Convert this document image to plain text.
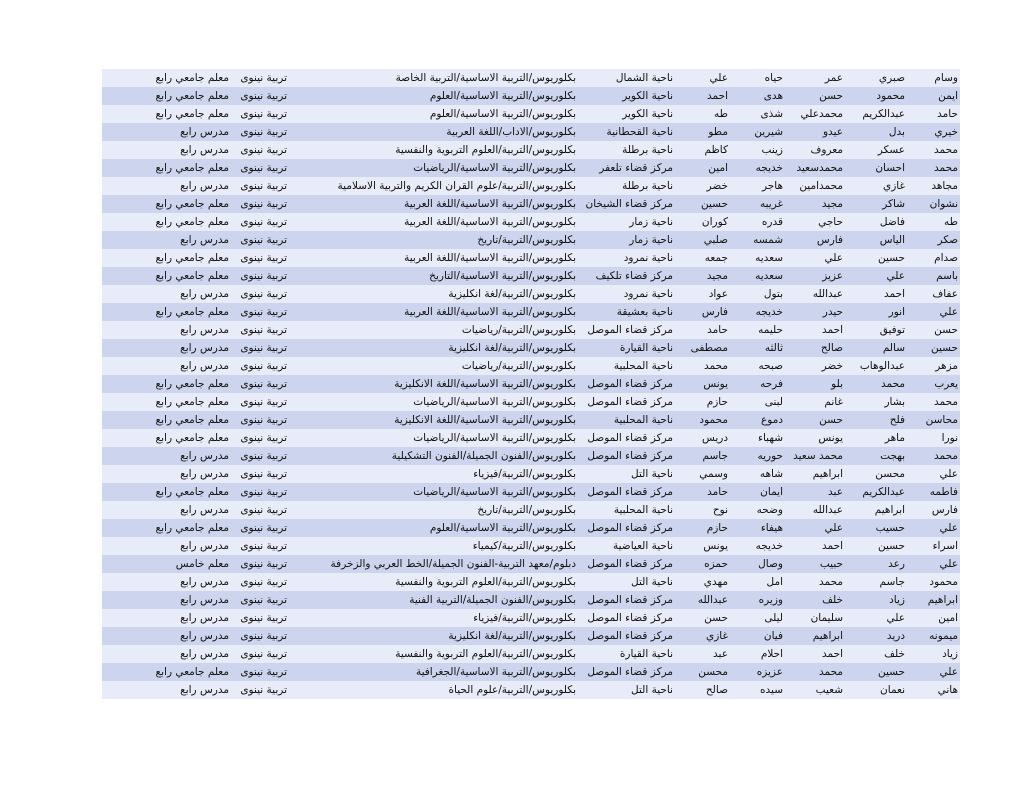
وسام
صبري
عمر
حياه
علي
ناحية الشمال
بكلوريوس/التربية الاساسية/التربية الخاصة
تربية نينوى
معلم جامعي رابع
ايمن
محمود
حسن
هدى
احمد
ناحية الكوير
بكلوريوس/التربية الاساسية/العلوم
تربية نينوى
معلم جامعي رابع
حامد
عبدالكريم
محمدعلي
شذى
طه
ناحية الكوير
بكلوريوس/التربية الاساسية/العلوم
تربية نينوى
معلم جامعي رابع
خيري
بدل
عيدو
شيرين
مطو
ناحية القحطانية
بكلوريوس/الاداب/اللغة العربية
تربية نينوى
مدرس رابع
محمد
عسكر
معروف
زينب
كاظم
ناحية برطلة
بكلوريوس/التربية/العلوم التربوية والنفسية
تربية نينوى
مدرس رابع
محمد
احسان
محمدسعيد
خديجه
امين
مركز قضاء تلعفر
بكلوريوس/التربية الاساسية/الرياضيات
تربية نينوى
معلم جامعي رابع
مجاهد
غازي
محمدامين
هاجر
خضر
ناحية برطلة
بكلوريوس/التربية/علوم القران الكريم والتربية الاسلامية
تربية نينوى
مدرس رابع
نشوان
شاكر
مجيد
غريبه
حسين
مركز قضاء الشيخان
بكلوريوس/التربية الاساسية/اللغة العربية
تربية نينوى
معلم جامعي رابع
طه
فاضل
حاجي
قدره
كوران
ناحية زمار
بكلوريوس/التربية الاساسية/اللغة العربية
تربية نينوى
معلم جامعي رابع
صكر
الياس
فارس
شمسه
صلبي
ناحية زمار
بكلوريوس/التربية/تاريخ
تربية نينوى
مدرس رابع
صدام
حسين
علي
سعديه
جمعه
ناحية نمرود
بكلوريوس/التربية الاساسية/اللغة العربية
تربية نينوى
معلم جامعي رابع
باسم
علي
عزيز
سعديه
مجيد
مركز قضاء تلكيف
بكلوريوس/التربية الاساسية/التاريخ
تربية نينوى
معلم جامعي رابع
عفاف
احمد
عبدالله
بتول
عواد
ناحية نمرود
بكلوريوس/التربية/لغة انكليزية
تربية نينوى
مدرس رابع
علي
انور
حيدر
خديجه
فارس
ناحية بعشيقة
بكلوريوس/التربية الاساسية/اللغة العربية
تربية نينوى
معلم جامعي رابع
حسن
توفيق
احمد
حليمه
حامد
مركز قضاء الموصل
بكلوريوس/التربية/رياضيات
تربية نينوى
مدرس رابع
حسين
سالم
صالح
ثالثه
مصطفى
ناحية القيارة
بكلوريوس/التربية/لغة انكليزية
تربية نينوى
مدرس رابع
مزهر
عبدالوهاب
خضر
صبحه
محمد
ناحية المحلبية
بكلوريوس/التربية/رياضيات
تربية نينوى
مدرس رابع
يعرب
محمد
بلو
فرحه
يونس
مركز قضاء الموصل
بكلوريوس/التربية الاساسية/اللغة الانكليزية
تربية نينوى
معلم جامعي رابع
محمد
بشار
غانم
لبنى
حازم
مركز قضاء الموصل
بكلوريوس/التربية الاساسية/الرياضيات
تربية نينوى
معلم جامعي رابع
محاسن
فلح
حسن
دموع
محمود
ناحية المحلبية
بكلوريوس/التربية الاساسية/اللغة الانكليزية
تربية نينوى
معلم جامعي رابع
نورا
ماهر
يونس
شهباء
دريس
مركز قضاء الموصل
بكلوريوس/التربية الاساسية/الرياضيات
تربية نينوى
معلم جامعي رابع
محمد
بهجت
محمد سعيد
حوريه
جاسم
مركز قضاء الموصل
بكلوريوس/الفنون الجميلة/الفنون التشكيلية
تربية نينوى
مدرس رابع
علي
محسن
ابراهيم
شاهه
وسمي
ناحية التل
بكلوريوس/التربية/فيزياء
تربية نينوى
مدرس رابع
فاطمه
عبدالكريم
عبد
ايمان
حامد
مركز قضاء الموصل
بكلوريوس/التربية الاساسية/الرياضيات
تربية نينوى
معلم جامعي رابع
فارس
ابراهيم
عبدالله
وضحه
نوح
ناحية المحلبية
بكلوريوس/التربية/تاريخ
تربية نينوى
مدرس رابع
علي
حسيب
علي
هيفاء
حازم
مركز قضاء الموصل
بكلوريوس/التربية الاساسية/العلوم
تربية نينوى
معلم جامعي رابع
اسراء
حسين
احمد
خديجه
يونس
ناحية العياضية
بكلوريوس/التربية/كيمياء
تربية نينوى
مدرس رابع
علي
رعد
حبيب
وصال
حمزه
مركز قضاء الموصل
دبلوم/معهد التربية-الفنون الجميلة/الخط العربي والزخرفة
تربية نينوى
معلم خامس
محمود
جاسم
محمد
امل
مهدي
ناحية التل
بكلوريوس/التربية/العلوم التربوية والنفسية
تربية نينوى
مدرس رابع
ابراهيم
زياد
خلف
وزيره
عبدالله
مركز قضاء الموصل
بكلوريوس/الفنون الجميلة/التربية الفنية
تربية نينوى
مدرس رابع
امين
علي
سليمان
ليلى
حسن
مركز قضاء الموصل
بكلوريوس/التربية/فيزياء
تربية نينوى
مدرس رابع
ميمونه
دريد
ابراهيم
فيان
غازي
مركز قضاء الموصل
بكلوريوس/التربية/لغة انكليزية
تربية نينوى
مدرس رابع
زياد
خلف
احمد
احلام
عبد
ناحية القيارة
بكلوريوس/التربية/العلوم التربوية والنفسية
تربية نينوى
مدرس رابع
علي
حسين
محمد
عزيزه
محسن
مركز قضاء الموصل
بكلوريوس/التربية الاساسية/الجغرافية
تربية نينوى
معلم جامعي رابع
هاني
نعمان
شعيب
سيده
صالح
ناحية التل
بكلوريوس/التربية/علوم الحياة
تربية نينوى
مدرس رابع
